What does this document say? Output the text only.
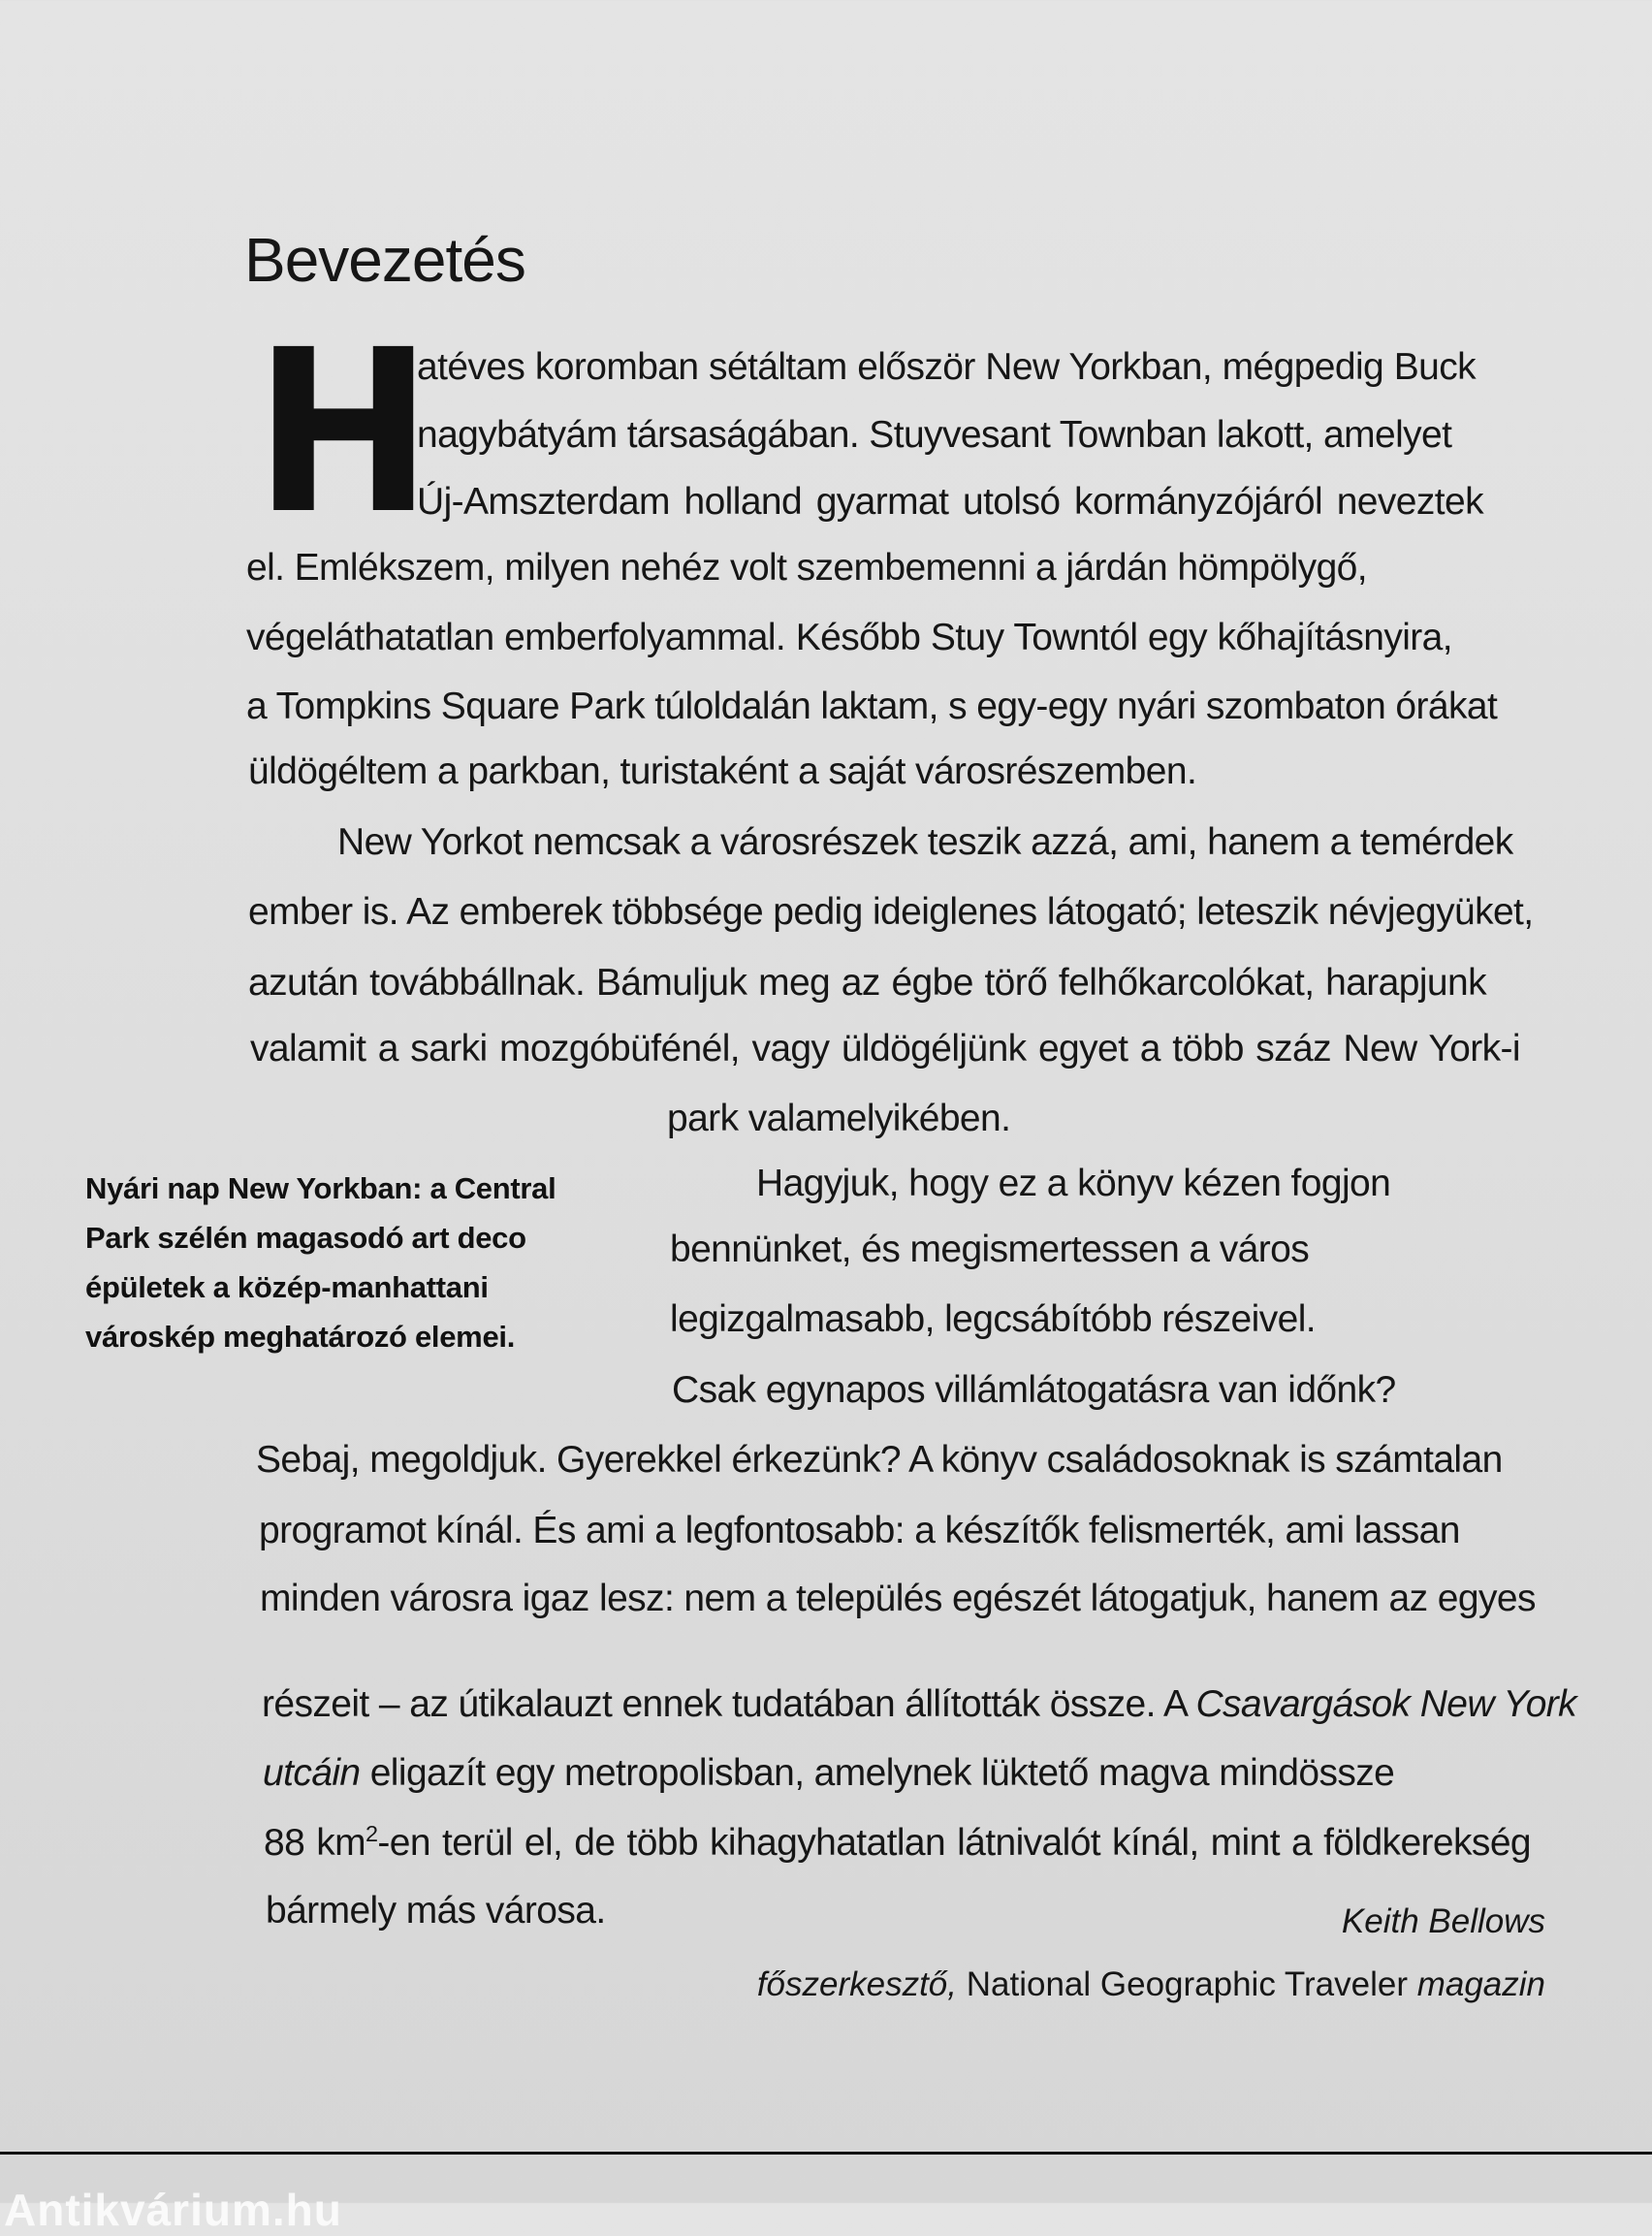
Bevezetés
H
atéves koromban sétáltam először New Yorkban, mégpedig Buck
nagybátyám társaságában. Stuyvesant Townban lakott, amelyet
Új-Amszterdam holland gyarmat utolsó kormányzójáról neveztek
el. Emlékszem, milyen nehéz volt szembemenni a járdán hömpölygő,
végeláthatatlan emberfolyammal. Később Stuy Towntól egy kőhajításnyira,
a Tompkins Square Park túloldalán laktam, s egy-egy nyári szombaton órákat
üldögéltem a parkban, turistaként a saját városrészemben.
New Yorkot nemcsak a városrészek teszik azzá, ami, hanem a temérdek
ember is. Az emberek többsége pedig ideiglenes látogató; leteszik névjegyüket,
azután továbbállnak. Bámuljuk meg az égbe törő felhőkarcolókat, harapjunk
valamit a sarki mozgóbüfénél, vagy üldögéljünk egyet a több száz New York-i
park valamelyikében.
Hagyjuk, hogy ez a könyv kézen fogjon
bennünket, és megismertessen a város
legizgalmasabb, legcsábítóbb részeivel.
Csak egynapos villámlátogatásra van időnk?
Sebaj, megoldjuk. Gyerekkel érkezünk? A könyv családosoknak is számtalan
programot kínál. És ami a legfontosabb: a készítők felismerték, ami lassan
minden városra igaz lesz: nem a település egészét látogatjuk, hanem az egyes
részeit – az útikalauzt ennek tudatában állították össze. A Csavargások New York
utcáin eligazít egy metropolisban, amelynek lüktető magva mindössze
88 $km^2-en$ terül el, de több kihagyhatatlan látnivalót kínál, mint a földkerekség
bármely más városa.
Nyári nap New Yorkban: a Central
Park szélén magasodó art deco
épületek a közép-manhattani
városkép meghatározó elemei.
Keith Bellows
főszerkesztő, National Geographic Traveler magazin
Antikvárium.hu
